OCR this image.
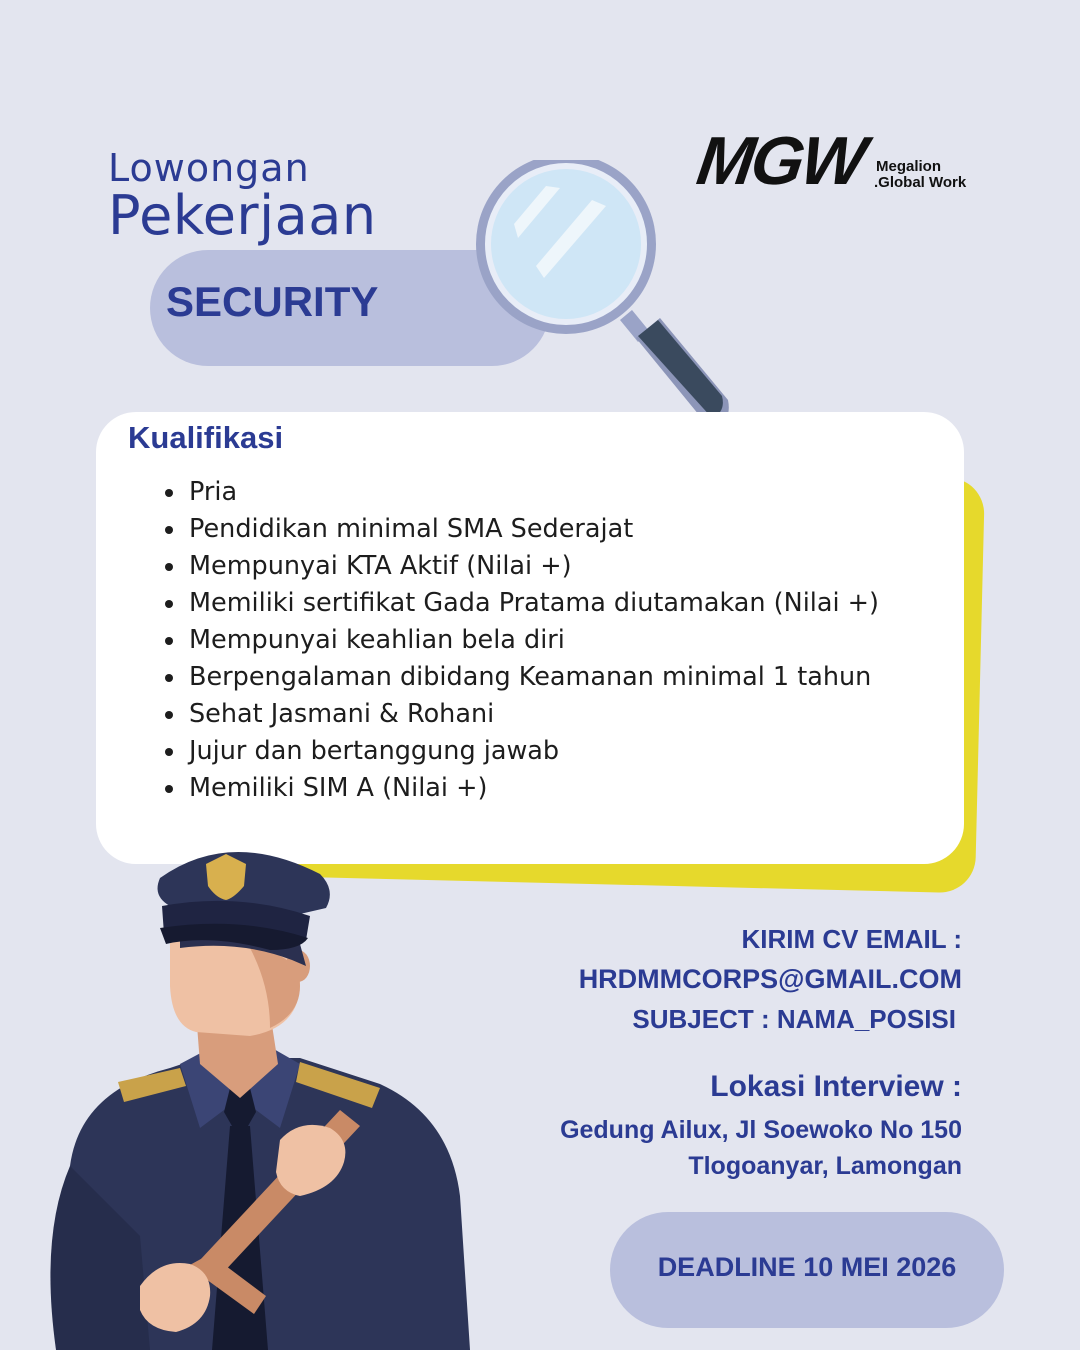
Lowongan
Pekerjaan
SECURITY
MGW Megalion
.Global Work
Kualifikasi
Pria
Pendidikan minimal SMA Sederajat
Mempunyai KTA Aktif (Nilai +)
Memiliki sertifikat Gada Pratama diutamakan (Nilai +)
Mempunyai keahlian bela diri
Berpengalaman dibidang Keamanan minimal 1 tahun
Sehat Jasmani & Rohani
Jujur dan bertanggung jawab
Memiliki SIM A (Nilai +)
KIRIM CV EMAIL :
HRDMMCORPS@GMAIL.COM
SUBJECT : NAMA_POSISI
Lokasi Interview :
Gedung Ailux, Jl Soewoko No 150
Tlogoanyar, Lamongan
DEADLINE 10 MEI 2026
